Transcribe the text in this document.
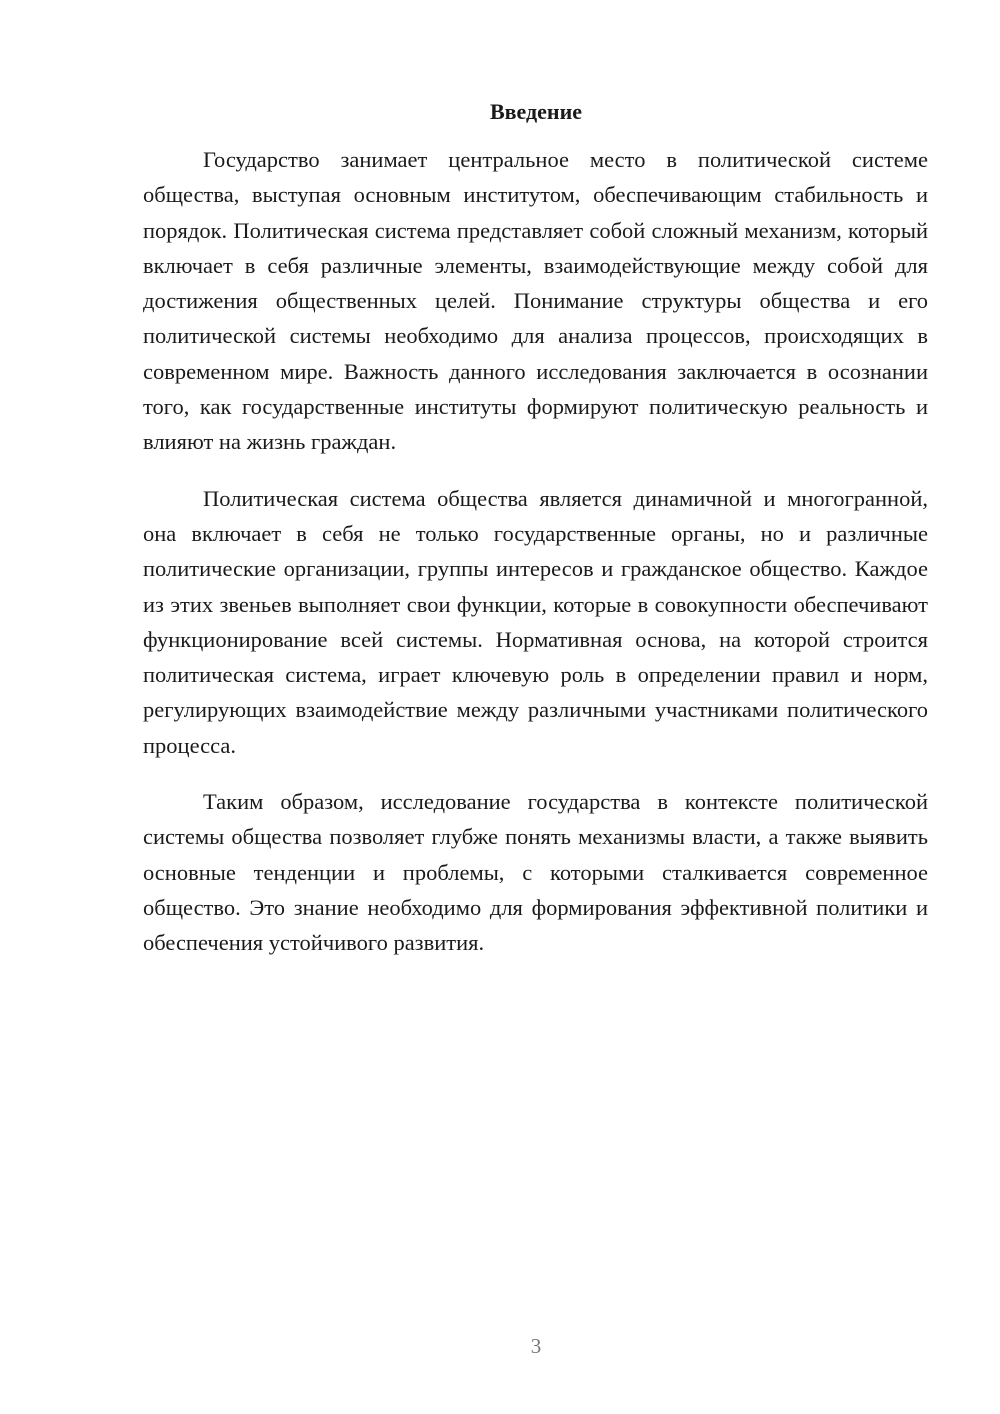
Введение

Государство занимает центральное место в политической системе общества, выступая основным институтом, обеспечивающим стабильность и порядок. Политическая система представляет собой сложный механизм, который включает в себя различные элементы, взаимодействующие между собой для достижения общественных целей. Понимание структуры общества и его политической системы необходимо для анализа процессов, происходящих в современном мире. Важность данного исследования заключается в осознании того, как государственные институты формируют политическую реальность и влияют на жизнь граждан.

Политическая система общества является динамичной и многогранной, она включает в себя не только государственные органы, но и различные политические организации, группы интересов и гражданское общество. Каждое из этих звеньев выполняет свои функции, которые в совокупности обеспечивают функционирование всей системы. Нормативная основа, на которой строится политическая система, играет ключевую роль в определении правил и норм, регулирующих взаимодействие между различными участниками политического процесса.

Таким образом, исследование государства в контексте политической системы общества позволяет глубже понять механизмы власти, а также выявить основные тенденции и проблемы, с которыми сталкивается современное общество. Это знание необходимо для формирования эффективной политики и обеспечения устойчивого развития.

3
